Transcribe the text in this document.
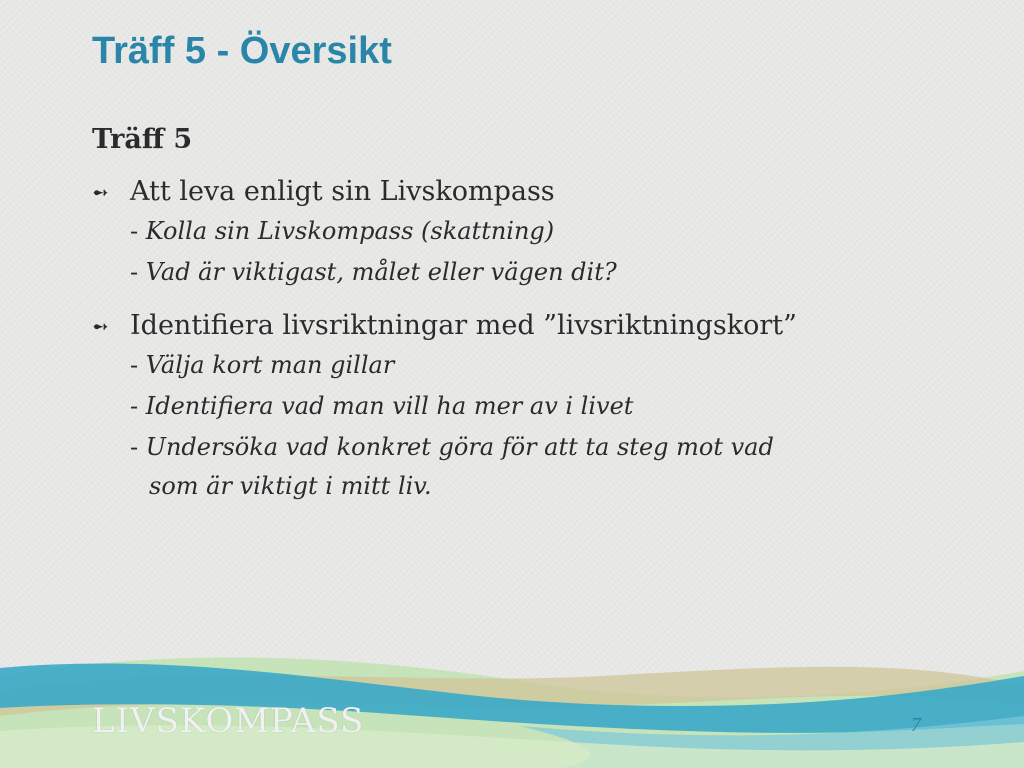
Träff 5 - Översikt
Träff 5
➻ Att leva enligt sin Livskompass
- Kolla sin Livskompass (skattning)
- Vad är viktigast, målet eller vägen dit?
➻ Identifiera livsriktningar med ”livsriktningskort”
- Välja kort man gillar
- Identifiera vad man vill ha mer av i livet
- Undersöka vad konkret göra för att ta steg mot vad
som är viktigt i mitt liv.
LIVSKOMPASS	7
